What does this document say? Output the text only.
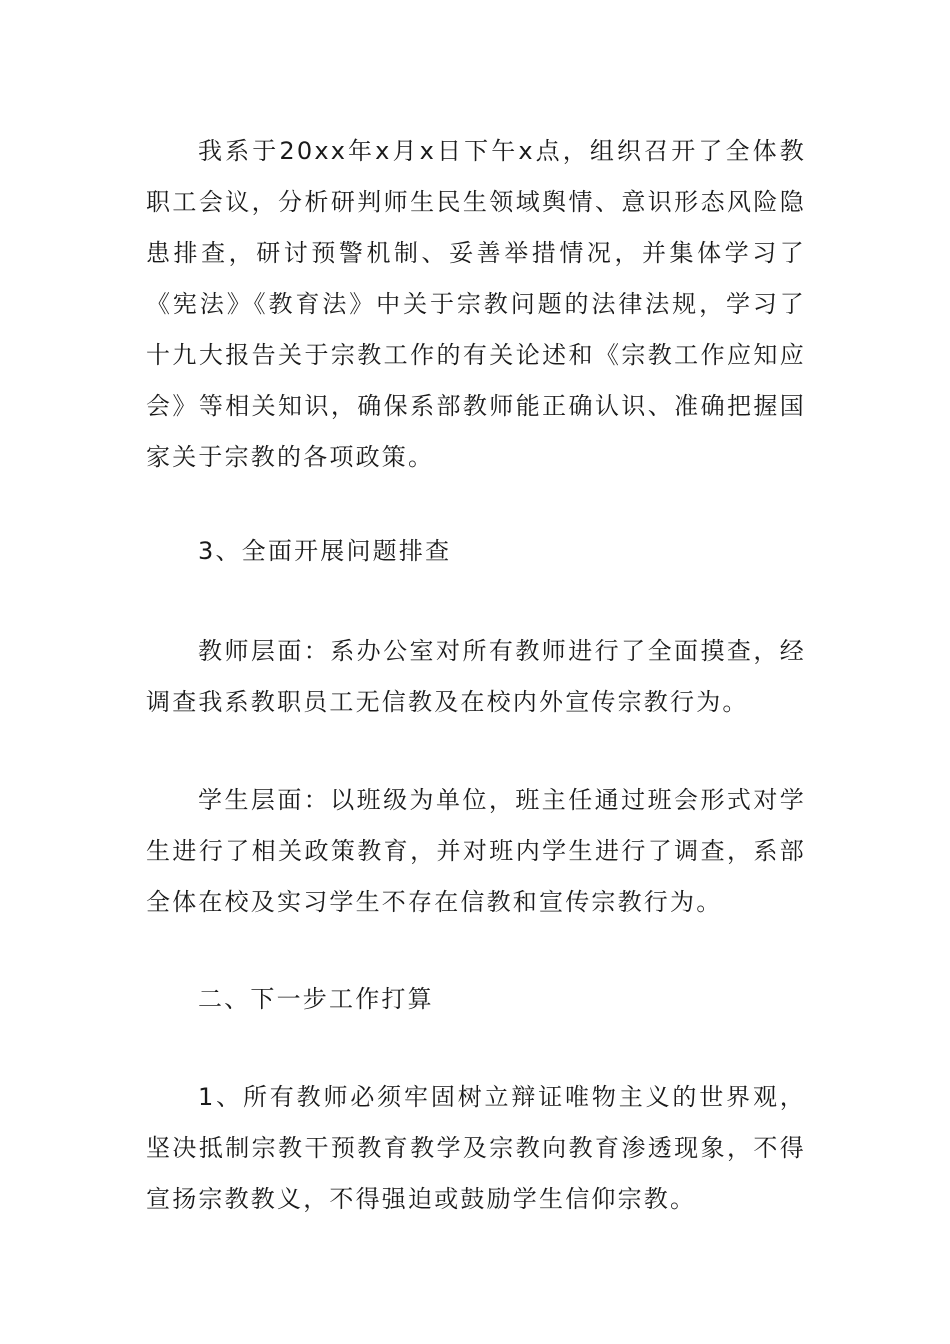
我系于20xx年x月x日下午x点，组织召开了全体教职工会议，分析研判师生民生领域舆情、意识形态风险隐患排查，研讨预警机制、妥善举措情况，并集体学习了《宪法》《教育法》中关于宗教问题的法律法规，学习了十九大报告关于宗教工作的有关论述和《宗教工作应知应会》等相关知识，确保系部教师能正确认识、准确把握国家关于宗教的各项政策。

3、全面开展问题排查

教师层面：系办公室对所有教师进行了全面摸查，经调查我系教职员工无信教及在校内外宣传宗教行为。

学生层面：以班级为单位，班主任通过班会形式对学生进行了相关政策教育，并对班内学生进行了调查，系部全体在校及实习学生不存在信教和宣传宗教行为。

二、下一步工作打算

1、所有教师必须牢固树立辩证唯物主义的世界观，坚决抵制宗教干预教育教学及宗教向教育渗透现象，不得宣扬宗教教义，不得强迫或鼓励学生信仰宗教。
